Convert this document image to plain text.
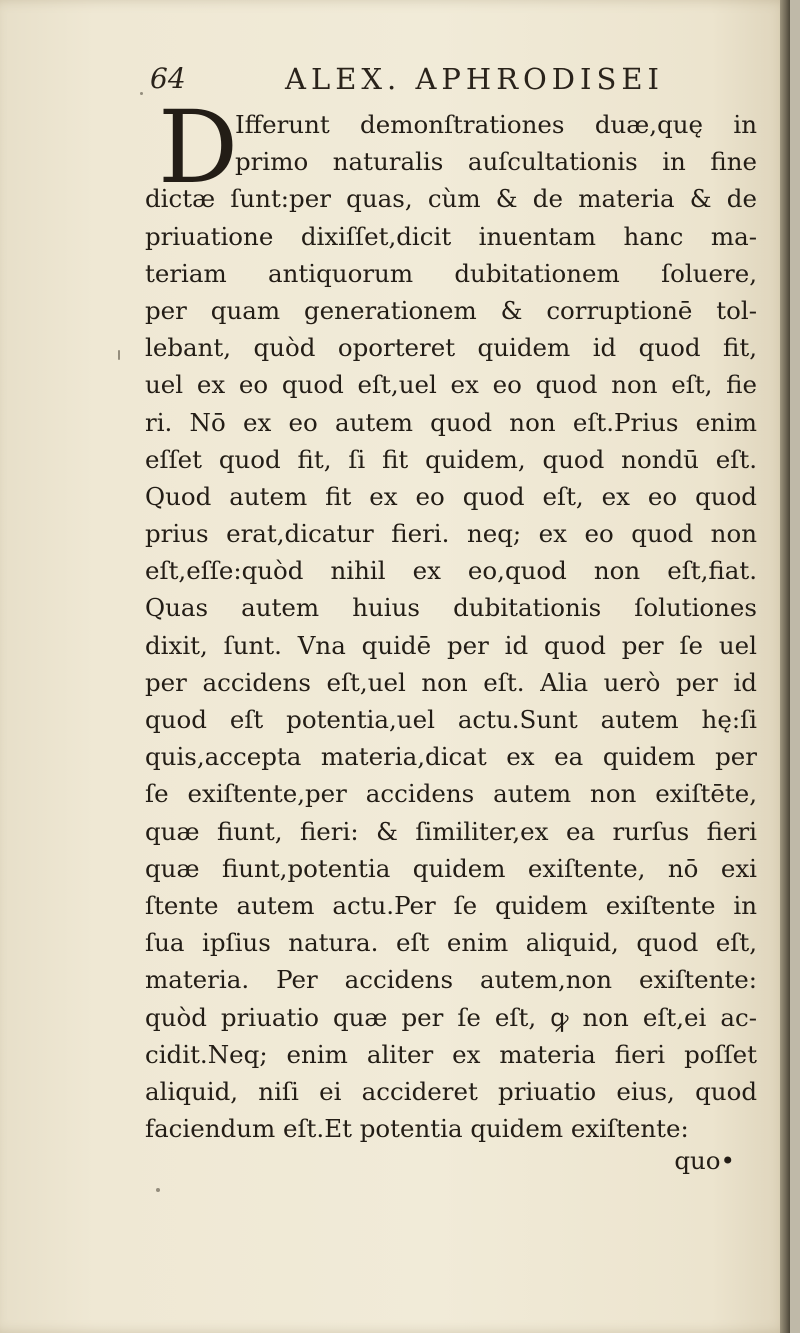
64	ALEX. APHRODISEI
D
Ifferunt demonſtrationes duæ,quę in
primo naturalis auſcultationis in fine
dictæ ſunt:per quas, cùm & de materia & de
priuatione dixiſſet,dicit inuentam hanc ma-
teriam antiquorum dubitationem ſoluere,
per quam generationem & corruptionē tol-
lebant, quòd oporteret quidem id quod fit,
uel ex eo quod eſt,uel ex eo quod non eſt, fie
ri. Nō ex eo autem quod non eſt.Prius enim
eſſet quod fit, ſi fit quidem, quod nondū eſt.
Quod autem fit ex eo quod eſt, ex eo quod
prius erat,dicatur fieri. neq; ex eo quod non
eſt,eſſe:quòd nihil ex eo,quod non eſt,fiat.
Quas autem huius dubitationis ſolutiones
dixit, ſunt. Vna quidē per id quod per ſe uel
per accidens eſt,uel non eſt. Alia uerò per id
quod eſt potentia,uel actu.Sunt autem hę:ſi
quis,accepta materia,dicat ex ea quidem per
ſe exiſtente,per accidens autem non exiſtēte,
quæ fiunt, fieri: & ſimiliter,ex ea rurſus fieri
quæ fiunt,potentia quidem exiſtente, nō exi
ſtente autem actu.Per ſe quidem exiſtente in
ſua ipſius natura. eſt enim aliquid, quod eſt,
materia. Per accidens autem,non exiſtente:
quòd priuatio quæ per ſe eſt, ꝙ non eſt,ei ac-
cidit.Neq; enim aliter ex materia fieri poſſet
aliquid, niſi ei accideret priuatio eius, quod
faciendum eſt.Et potentia quidem exiſtente:
quo•
